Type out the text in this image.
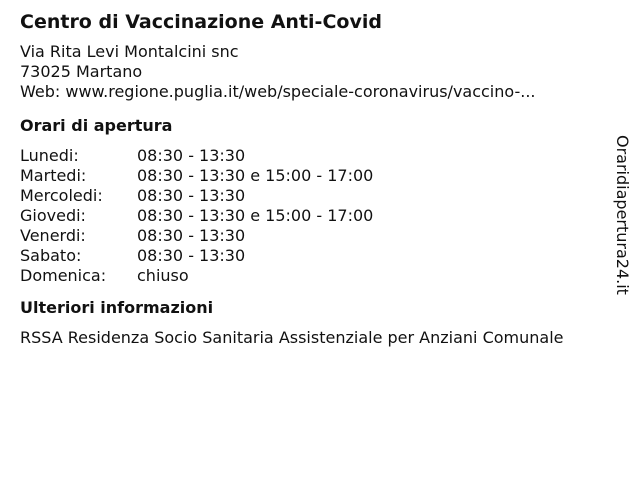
Centro di Vaccinazione Anti-Covid
Via Rita Levi Montalcini snc
73025 Martano
Web: www.regione.puglia.it/web/speciale-coronavirus/vaccino-...
Orari di apertura
Lunedi:	08:30 - 13:30
Martedi:	08:30 - 13:30 e 15:00 - 17:00
Mercoledi:	08:30 - 13:30
Giovedi:	08:30 - 13:30 e 15:00 - 17:00
Venerdi:	08:30 - 13:30
Sabato:	08:30 - 13:30
Domenica:	chiuso
Ulteriori informazioni
RSSA Residenza Socio Sanitaria Assistenziale per Anziani Comunale
Oraridiapertura24.it
